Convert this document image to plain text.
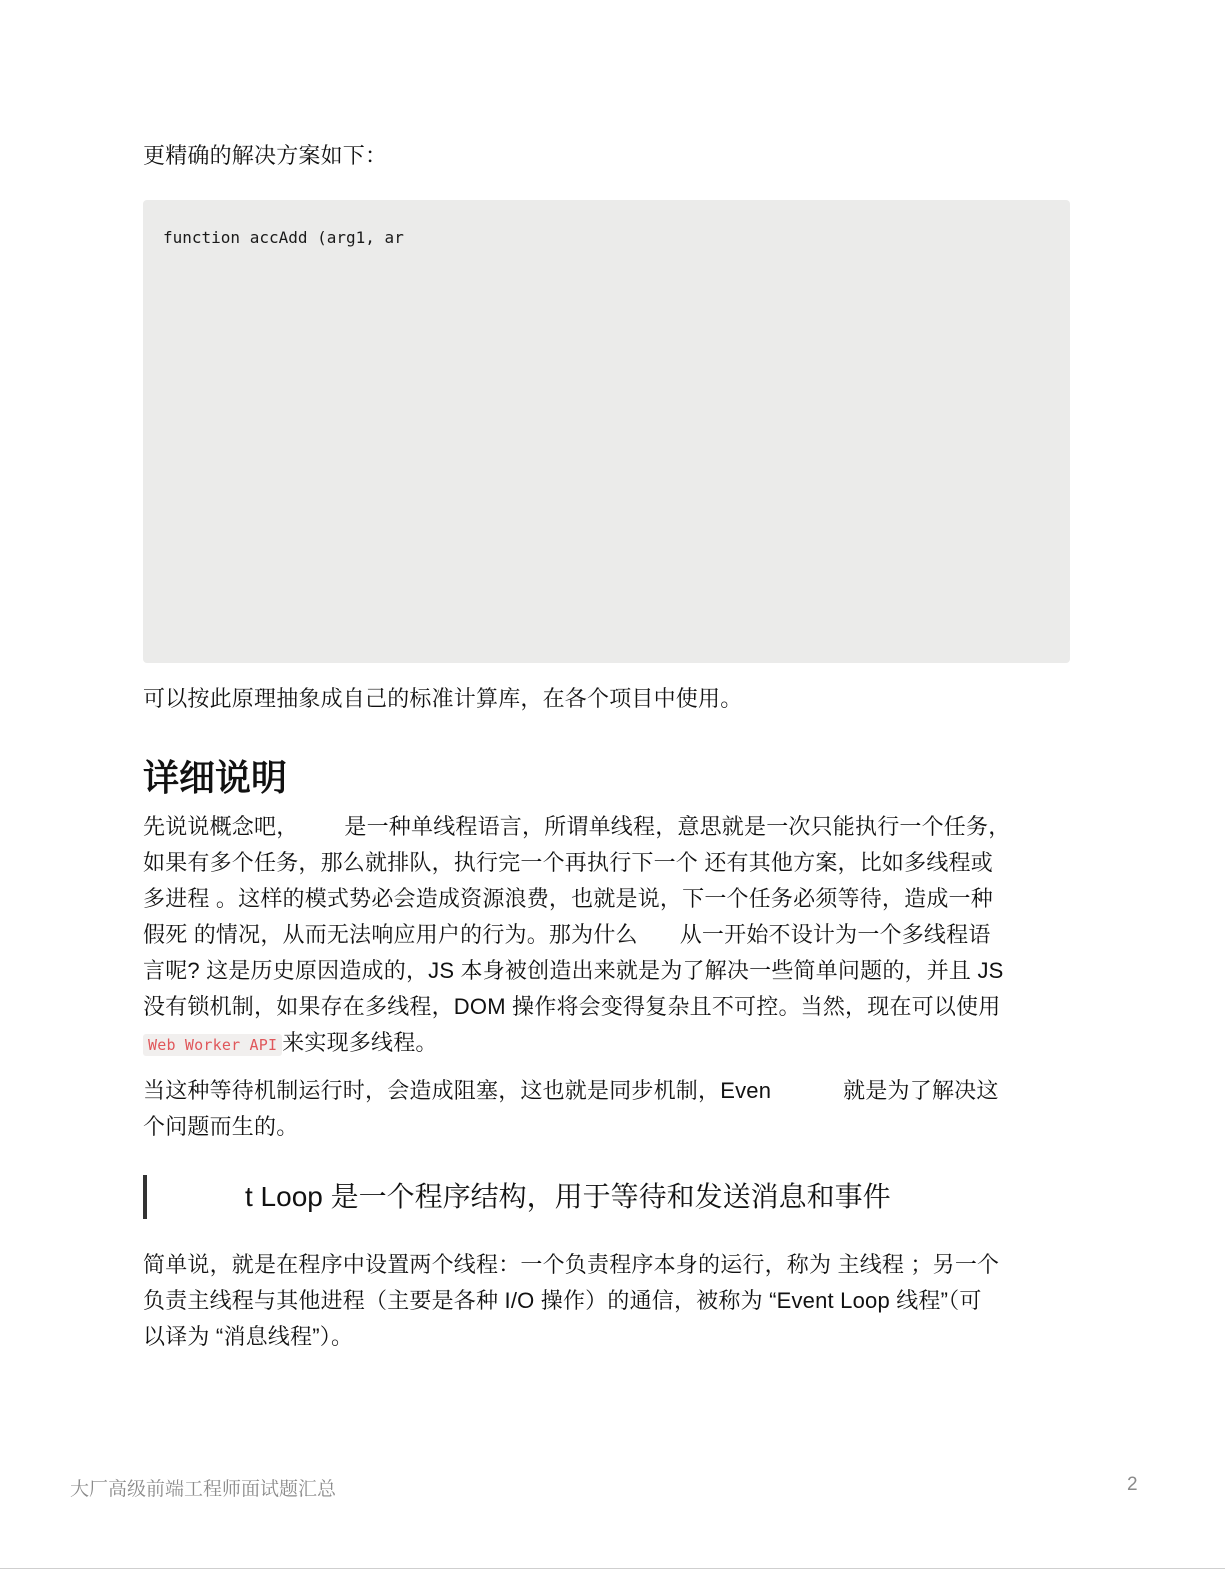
更精确的解决方案如下：

function accAdd (arg1, ar

可以按此原理抽象成自己的标准计算库，在各个项目中使用。

详细说明

先说说概念吧， 是一种单线程语言，所谓单线程，意思就是一次只能执行一个任务，
如果有多个任务，那么就排队，执行完一个再执行下一个 还有其他方案，比如多线程或
多进程 。这样的模式势必会造成资源浪费，也就是说，下一个任务必须等待，造成一种
假死 的情况，从而无法响应用户的行为。那为什么 从一开始不设计为一个多线程语
言呢? 这是历史原因造成的，JS 本身被创造出来就是为了解决一些简单问题的，并且 JS
没有锁机制，如果存在多线程，DOM 操作将会变得复杂且不可控。当然，现在可以使用
Web Worker API 来实现多线程。

当这种等待机制运行时，会造成阻塞，这也就是同步机制，Even	就是为了解决这
个问题而生的。

t Loop 是一个程序结构，用于等待和发送消息和事件

简单说，就是在程序中设置两个线程：一个负责程序本身的运行，称为 主线程 ；另一个
负责主线程与其他进程（主要是各种 I/O 操作）的通信，被称为 “Event Loop 线程”（可
以译为 “消息线程”）。

大厂高级前端工程师面试题汇总	2
